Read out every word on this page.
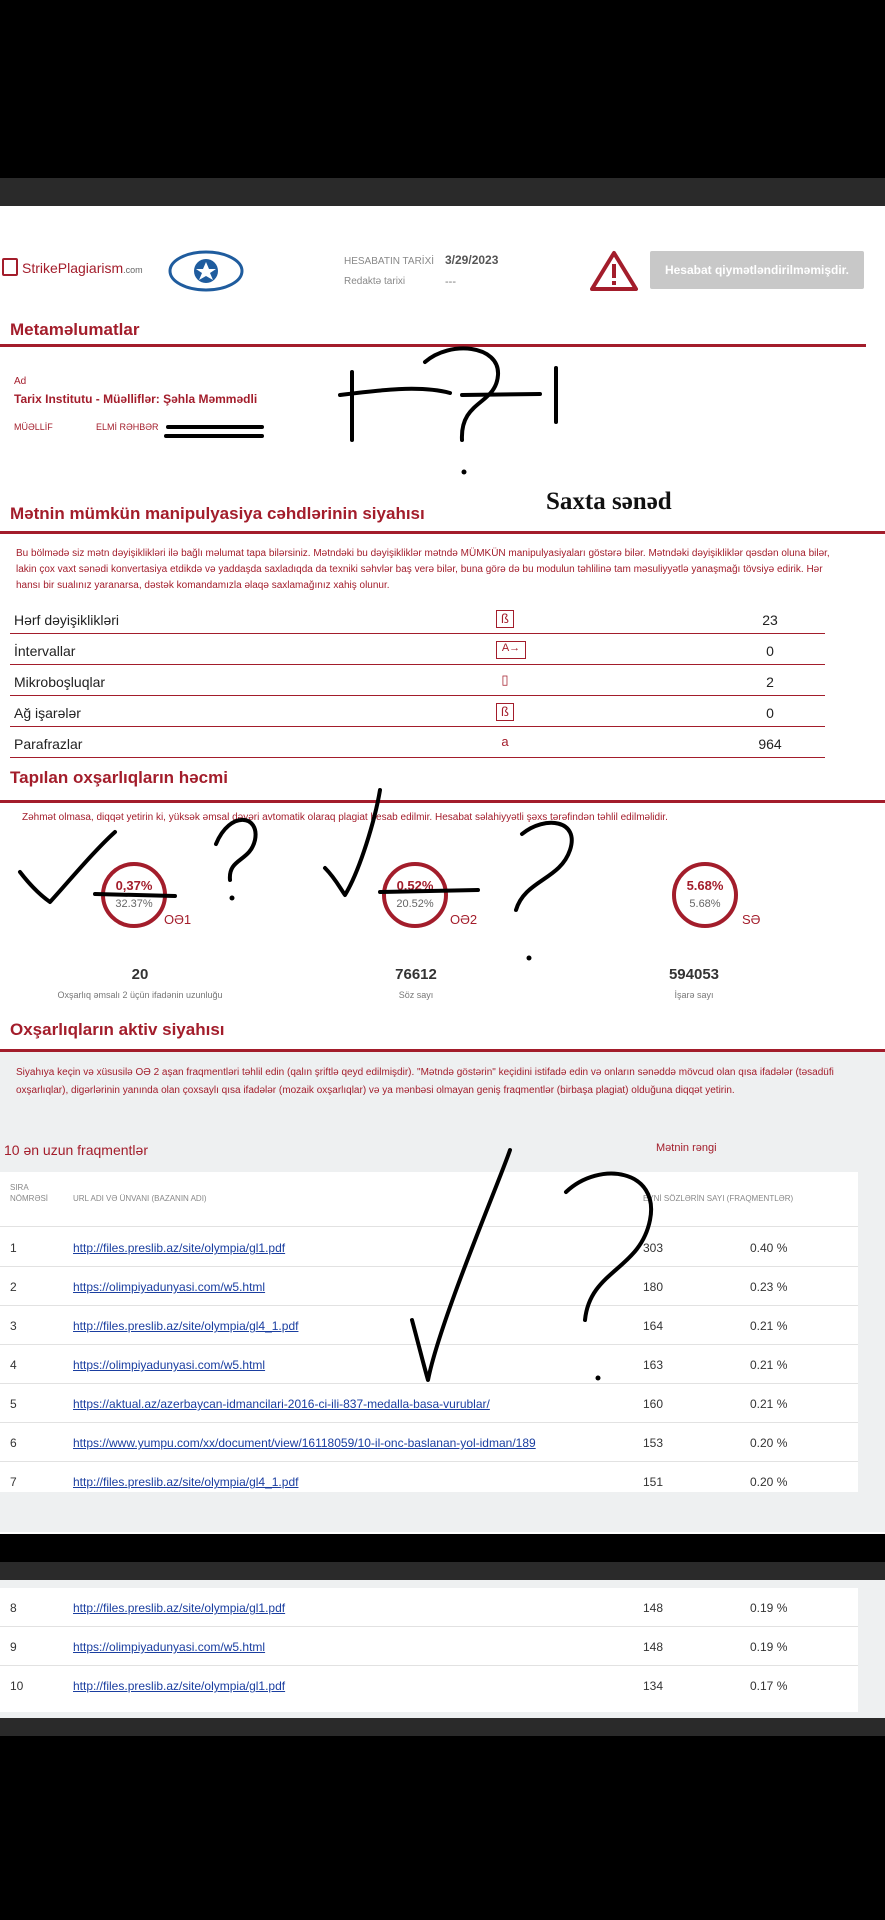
StrikePlagiarism.com
HESABATIN TARİXİ 3/29/2023
Redaktə tarixi	---
Hesabat qiymətləndirilməmişdir.
Metaməlumatlar
Ad
Tarix Institutu - Müəlliflər: Şəhla Məmmədli
MÜƏLLİF	ELMİ RƏHBƏR
Mətnin mümkün manipulyasiya cəhdlərinin siyahısı	Saxta sənəd
Bu bölmədə siz mətn dəyişiklikləri ilə bağlı məlumat tapa bilərsiniz. Mətndəki bu dəyişikliklər mətndə MÜMKÜN manipulyasiyaları göstərə bilər. Mətndəki dəyişikliklər qəsdən oluna bilər, lakin çox vaxt sənədi konvertasiya etdikdə və yaddaşda saxladıqda da texniki səhvlər baş verə bilər, buna görə də bu modulun təhlilinə tam məsuliyyətlə yanaşmağı tövsiyə edirik. Hər hansı bir sualınız yaranarsa, dəstək komandamızla əlaqə saxlamağınız xahiş olunur.
Hərf dəyişiklikləri	ß	23
İntervallar	A→	0
Mikroboşluqlar	▯	2
Ağ işarələr	ß	0
Parafrazlar	a	964
Tapılan oxşarlıqların həcmi
Zəhmət olmasa, diqqət yetirin ki, yüksək əmsal dəyəri avtomatik olaraq plagiat hesab edilmir. Hesabat səlahiyyətli şəxs tərəfindən təhlil edilməlidir.
0,37%
32.37%
OƏ1
0,52%
20.52%
OƏ2
5.68%
5.68%
SƏ
20
Oxşarlıq əmsalı 2 üçün ifadənin uzunluğu
76612
Söz sayı
594053
İşarə sayı
Oxşarlıqların aktiv siyahısı
Siyahıya keçin və xüsusilə OƏ 2 aşan fraqmentləri təhlil edin (qalın şriftlə qeyd edilmişdir). "Mətndə göstərin" keçidini istifadə edin və onların sənəddə mövcud olan qısa ifadələr (təsadüfi oxşarlıqlar), digərlərinin yanında olan çoxsaylı qısa ifadələr (mozaik oxşarlıqlar) və ya mənbəsi olmayan geniş fraqmentlər (birbaşa plagiat) olduğuna diqqət yetirin.
10 ən uzun fraqmentlər	Mətnin rəngi
SIRA NÖMRƏSİ	URL ADI VƏ ÜNVANI (BAZANIN ADI)	EYNİ SÖZLƏRİN SAYI (FRAQMENTLƏR)
1	http://files.preslib.az/site/olympia/gl1.pdf	303	0.40 %
2	https://olimpiyadunyasi.com/w5.html	180	0.23 %
3	http://files.preslib.az/site/olympia/gl4_1.pdf	164	0.21 %
4	https://olimpiyadunyasi.com/w5.html	163	0.21 %
5	https://aktual.az/azerbaycan-idmancilari-2016-ci-ili-837-medalla-basa-vurublar/	160	0.21 %
6	https://www.yumpu.com/xx/document/view/16118059/10-il-onc-baslanan-yol-idman/189	153	0.20 %
7	http://files.preslib.az/site/olympia/gl4_1.pdf	151	0.20 %
8	http://files.preslib.az/site/olympia/gl1.pdf	148	0.19 %
9	https://olimpiyadunyasi.com/w5.html	148	0.19 %
10	http://files.preslib.az/site/olympia/gl1.pdf	134	0.17 %
